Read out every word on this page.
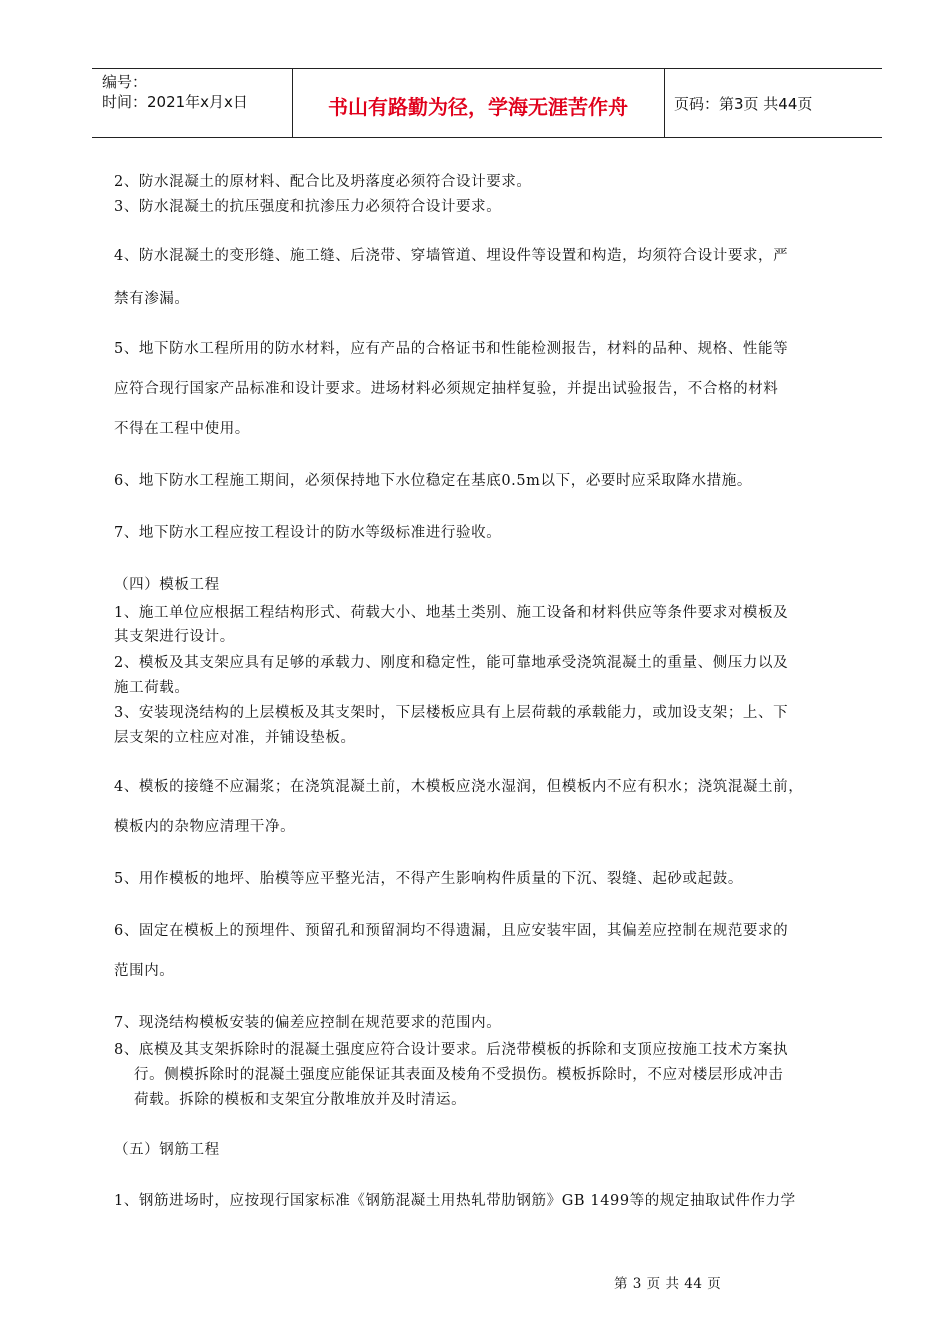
编号：
时间：2021年x月x日	书山有路勤为径，学海无涯苦作舟	页码：第3页 共44页
2、防水混凝土的原材料、配合比及坍落度必须符合设计要求。
3、防水混凝土的抗压强度和抗渗压力必须符合设计要求。
4、防水混凝土的变形缝、施工缝、后浇带、穿墙管道、埋设件等设置和构造，均须符合设计要求，严
禁有渗漏。
5、地下防水工程所用的防水材料，应有产品的合格证书和性能检测报告，材料的品种、规格、性能等
应符合现行国家产品标准和设计要求。进场材料必须规定抽样复验，并提出试验报告，不合格的材料
不得在工程中使用。
6、地下防水工程施工期间，必须保持地下水位稳定在基底0.5m以下，必要时应采取降水措施。
7、地下防水工程应按工程设计的防水等级标准进行验收。
（四）模板工程
1、施工单位应根据工程结构形式、荷载大小、地基土类别、施工设备和材料供应等条件要求对模板及
其支架进行设计。
2、模板及其支架应具有足够的承载力、刚度和稳定性，能可靠地承受浇筑混凝土的重量、侧压力以及
施工荷载。
3、安装现浇结构的上层模板及其支架时，下层楼板应具有上层荷载的承载能力，或加设支架；上、下
层支架的立柱应对准，并铺设垫板。
4、模板的接缝不应漏浆；在浇筑混凝土前，木模板应浇水湿润，但模板内不应有积水；浇筑混凝土前，
模板内的杂物应清理干净。
5、用作模板的地坪、胎模等应平整光洁，不得产生影响构件质量的下沉、裂缝、起砂或起鼓。
6、固定在模板上的预埋件、预留孔和预留洞均不得遗漏，且应安装牢固，其偏差应控制在规范要求的
范围内。
7、现浇结构模板安装的偏差应控制在规范要求的范围内。
8、底模及其支架拆除时的混凝土强度应符合设计要求。后浇带模板的拆除和支顶应按施工技术方案执
行。侧模拆除时的混凝土强度应能保证其表面及棱角不受损伤。模板拆除时，不应对楼层形成冲击
荷载。拆除的模板和支架宜分散堆放并及时清运。
（五）钢筋工程
1、钢筋进场时，应按现行国家标准《钢筋混凝土用热轧带肋钢筋》GB 1499等的规定抽取试件作力学
第 3 页 共 44 页
